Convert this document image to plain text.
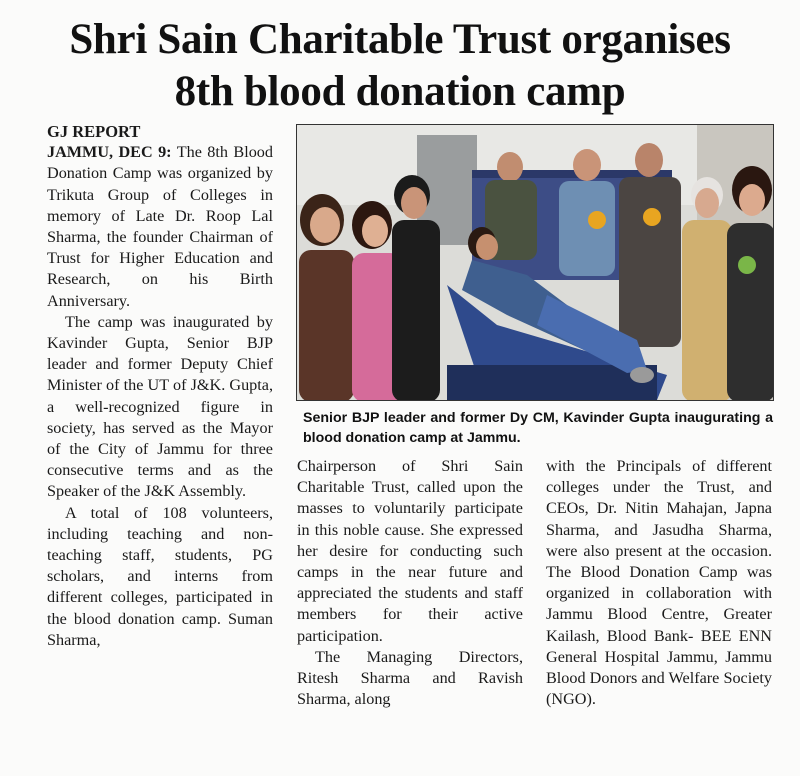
Shri Sain Charitable Trust organises
8th blood donation camp
GJ REPORT

JAMMU, DEC 9: The 8th Blood Donation Camp was organized by Trikuta Group of Colleges in memory of Late Dr. Roop Lal Sharma, the founder Chairman of Trust for Higher Education and Research, on his Birth Anniversary.

The camp was inaugurated by Kavinder Gupta, Senior BJP leader and former Deputy Chief Minister of the UT of J&K. Gupta, a well-recognized figure in society, has served as the Mayor of the City of Jammu for three consecutive terms and as the Speaker of the J&K Assembly.

A total of 108 volunteers, including teaching and non-teaching staff, students, PG scholars, and interns from different colleges, participated in the blood donation camp. Suman Sharma,

Senior BJP leader and former Dy CM, Kavinder Gupta inaugurating a blood donation camp at Jammu.

Chairperson of Shri Sain Charitable Trust, called upon the masses to voluntarily participate in this noble cause. She expressed her desire for conducting such camps in the near future and appreciated the students and staff members for their active participation.

The Managing Directors, Ritesh Sharma and Ravish Sharma, along

with the Principals of different colleges under the Trust, and CEOs, Dr. Nitin Mahajan, Japna Sharma, and Jasudha Sharma, were also present at the occasion. The Blood Donation Camp was organized in collaboration with Jammu Blood Centre, Greater Kailash, Blood Bank- BEE ENN General Hospital Jammu, Jammu Blood Donors and Welfare Society (NGO).
